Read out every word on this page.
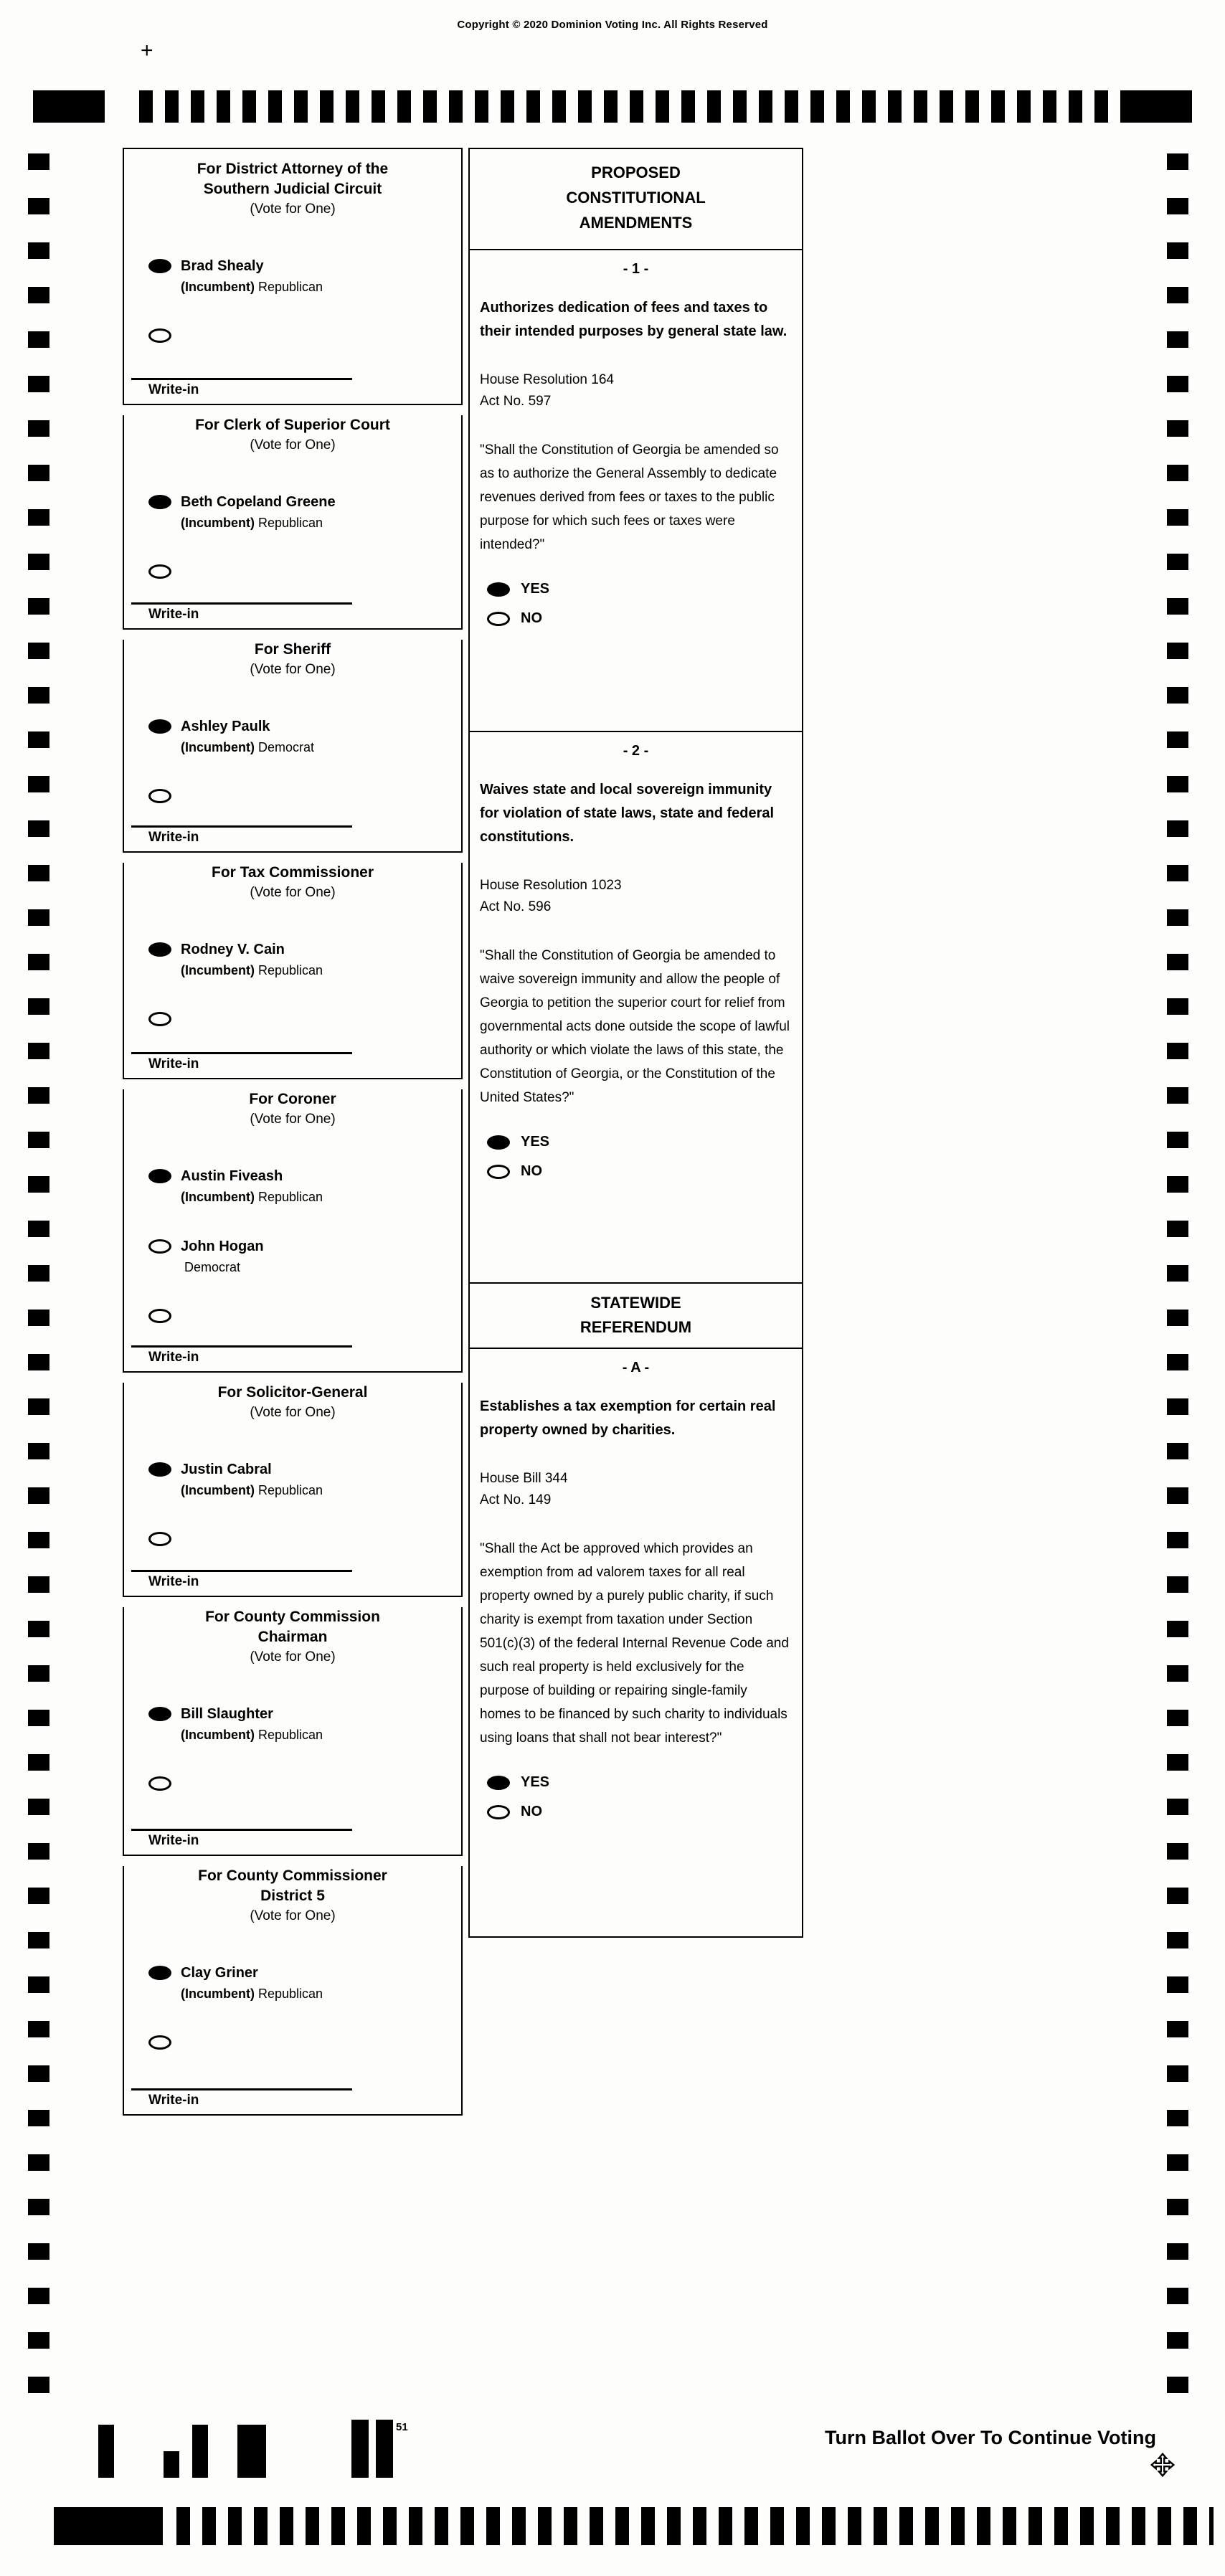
Copyright © 2020 Dominion Voting Inc. All Rights Reserved
+
For District Attorney of the
Southern Judicial Circuit
(Vote for One)
Brad Shealy
(Incumbent) Republican
Write-in
For Clerk of Superior Court
(Vote for One)
Beth Copeland Greene
(Incumbent) Republican
Write-in
For Sheriff
(Vote for One)
Ashley Paulk
(Incumbent) Democrat
Write-in
For Tax Commissioner
(Vote for One)
Rodney V. Cain
(Incumbent) Republican
Write-in
For Coroner
(Vote for One)
Austin Fiveash
(Incumbent) Republican
John Hogan
Democrat
Write-in
For Solicitor-General
(Vote for One)
Justin Cabral
(Incumbent) Republican
Write-in
For County Commission
Chairman
(Vote for One)
Bill Slaughter
(Incumbent) Republican
Write-in
For County Commissioner
District 5
(Vote for One)
Clay Griner
(Incumbent) Republican
Write-in
PROPOSED
CONSTITUTIONAL
AMENDMENTS
- 1 -

Authorizes dedication of fees and taxes to their intended purposes by general state law.

House Resolution 164
Act No. 597

"Shall the Constitution of Georgia be amended so as to authorize the General Assembly to dedicate revenues derived from fees or taxes to the public purpose for which such fees or taxes were intended?"

YES
NO
- 2 -

Waives state and local sovereign immunity for violation of state laws, state and federal constitutions.

House Resolution 1023
Act No. 596

"Shall the Constitution of Georgia be amended to waive sovereign immunity and allow the people of Georgia to petition the superior court for relief from governmental acts done outside the scope of lawful authority or which violate the laws of this state, the Constitution of Georgia, or the Constitution of the United States?"

YES
NO
STATEWIDE
REFERENDUM
- A -

Establishes a tax exemption for certain real property owned by charities.

House Bill 344
Act No. 149

"Shall the Act be approved which provides an exemption from ad valorem taxes for all real property owned by a purely public charity, if such charity is exempt from taxation under Section 501(c)(3) of the federal Internal Revenue Code and such real property is held exclusively for the purpose of building or repairing single-family homes to be financed by such charity to individuals using loans that shall not bear interest?"

YES
NO
51	Turn Ballot Over To Continue Voting
